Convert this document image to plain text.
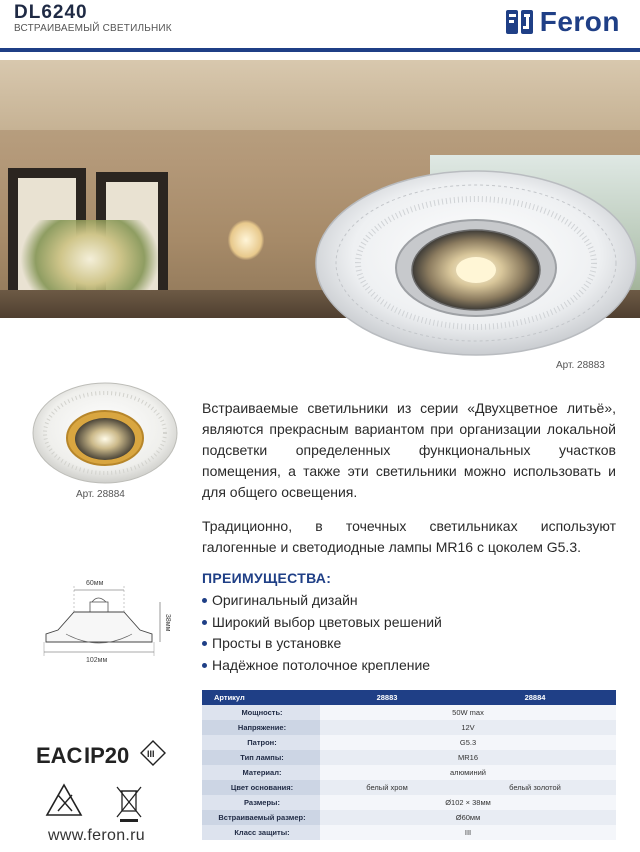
DL6240
ВСТРАИВАЕМЫЙ СВЕТИЛЬНИК	Feron
Арт. 28883
Арт. 28884
Встраиваемые светильники из серии «Двухцветное литьё», являются прекрасным вариантом при организации локальной подсветки определенных функциональных участков помещения, а также эти светильники можно использовать и для общего освещения.
Традиционно, в точечных светильниках используют галогенные и светодиодные лампы MR16 с цоколем G5.3.
60мм
102мм
38мм
ПРЕИМУЩЕСТВА:
Оригинальный дизайн
Широкий выбор цветовых решений
Просты в установке
Надёжное потолочное крепление
Артикул	28883	28884
Мощность:	50W max	
Напряжение:	12V	
Патрон:	G5.3	
Тип лампы:	MR16	
Материал:	алюминий	
Цвет основания:	белый хром	белый золотой
Размеры:	Ø102 × 38мм	
Встраиваемый размер:	Ø60мм	
Класс защиты:	III	
EAC IP20 III
www.feron.ru
